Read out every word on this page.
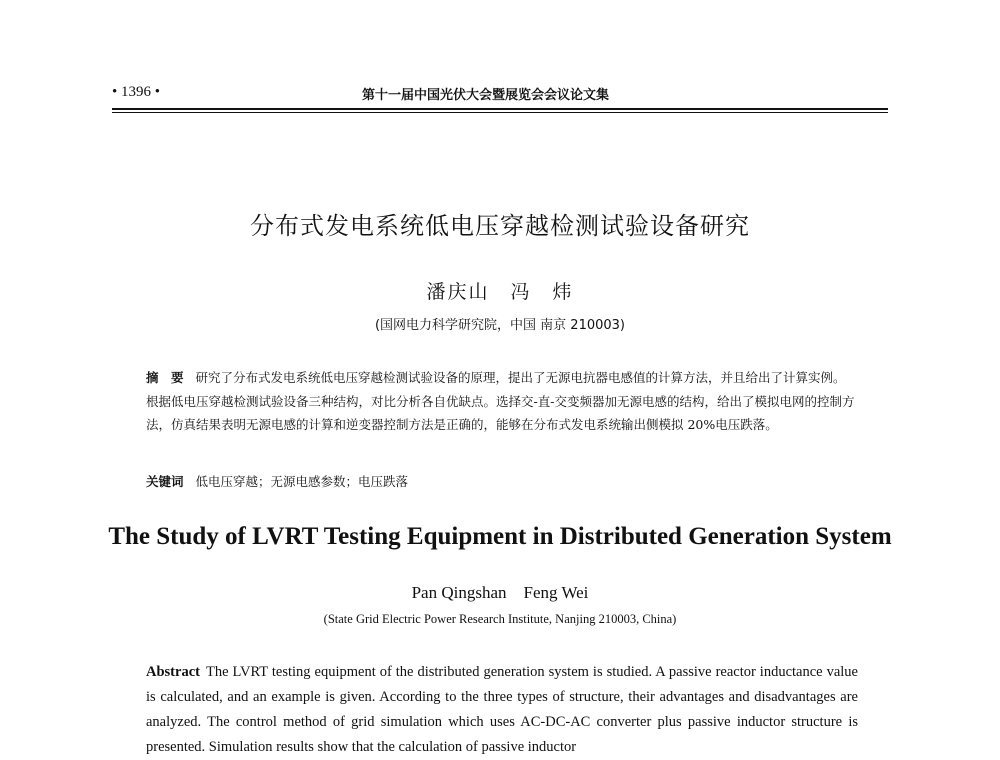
• 1396 •	第十一届中国光伏大会暨展览会会议论文集
分布式发电系统低电压穿越检测试验设备研究
潘庆山　冯　炜
(国网电力科学研究院，中国 南京 210003)
摘　要 研究了分布式发电系统低电压穿越检测试验设备的原理，提出了无源电抗器电感值的计算方法，并且给出了计算实例。根据低电压穿越检测试验设备三种结构，对比分析各自优缺点。选择交-直-交变频器加无源电感的结构，给出了模拟电网的控制方法，仿真结果表明无源电感的计算和逆变器控制方法是正确的，能够在分布式发电系统输出侧模拟 20%电压跌落。
关键词 低电压穿越；无源电感参数；电压跌落
The Study of LVRT Testing Equipment in Distributed Generation System
Pan Qingshan　Feng Wei
(State Grid Electric Power Research Institute, Nanjing 210003, China)
Abstract The LVRT testing equipment of the distributed generation system is studied. A passive reactor inductance value is calculated, and an example is given. According to the three types of structure, their advantages and disadvantages are analyzed. The control method of grid simulation which uses AC-DC-AC converter plus passive inductor structure is presented. Simulation results show that the calculation of passive inductor
